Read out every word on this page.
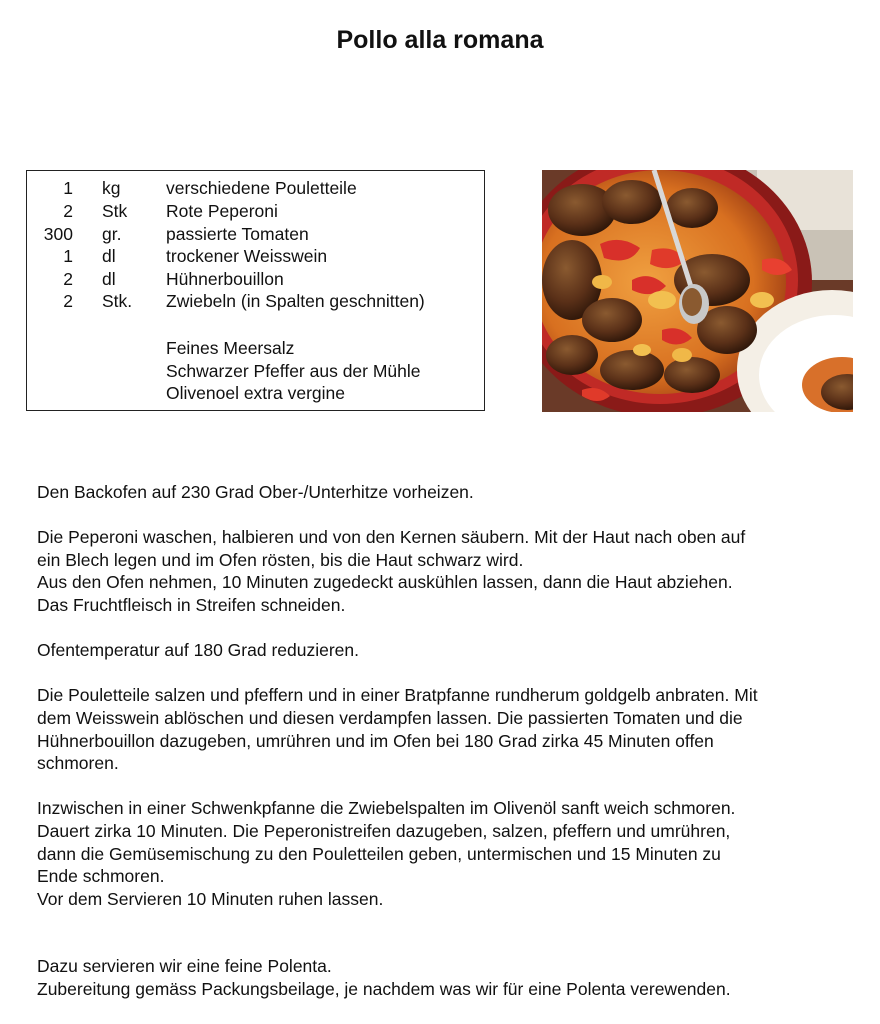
Pollo alla romana
1 kg	verschiedene Pouletteile
2 Stk Rote Peperoni
300 gr.	passierte Tomaten
1 dl	trockener Weisswein
2 dl	Hühnerbouillon
2 Stk. Zwiebeln (in Spalten geschnitten)
Feines Meersalz
Schwarzer Pfeffer aus der Mühle
Olivenoel extra vergine

Den Backofen auf 230 Grad Ober-/Unterhitze vorheizen.

Die Peperoni waschen, halbieren und von den Kernen säubern. Mit der Haut nach oben auf
ein Blech legen und im Ofen rösten, bis die Haut schwarz wird.
Aus den Ofen nehmen, 10 Minuten zugedeckt auskühlen lassen, dann die Haut abziehen.
Das Fruchtfleisch in Streifen schneiden.

Ofentemperatur auf 180 Grad reduzieren.

Die Pouletteile salzen und pfeffern und in einer Bratpfanne rundherum goldgelb anbraten. Mit
dem Weisswein ablöschen und diesen verdampfen lassen. Die passierten Tomaten und die
Hühnerbouillon dazugeben, umrühren und im Ofen bei 180 Grad zirka 45 Minuten offen
schmoren.

Inzwischen in einer Schwenkpfanne die Zwiebelspalten im Olivenöl sanft weich schmoren.
Dauert zirka 10 Minuten. Die Peperonistreifen dazugeben, salzen, pfeffern und umrühren,
dann die Gemüsemischung zu den Pouletteilen geben, untermischen und 15 Minuten zu
Ende schmoren.
Vor dem Servieren 10 Minuten ruhen lassen.

Dazu servieren wir eine feine Polenta.
Zubereitung gemäss Packungsbeilage, je nachdem was wir für eine Polenta verewenden.
